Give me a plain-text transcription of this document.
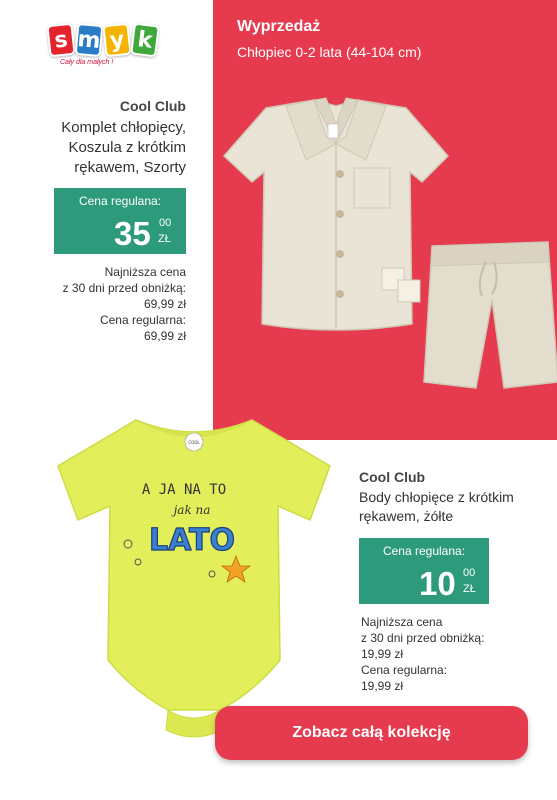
s m y k
Cały dla małych !
Wyprzedaż
Chłopiec 0-2 lata (44-104 cm)
Cool Club
Komplet chłopięcy, Koszula z krótkim rękawem, Szorty
Cena regulana:
35 00
ZŁ
Najniższa cena
z 30 dni przed obniżką:
69,99 zł
Cena regularna:
69,99 zł
COOL
A JA NA TO
jak na
LATO
Cool Club
Body chłopięce z krótkim rękawem, żółte
Cena regulana:
10 00
ZŁ
Najniższa cena
z 30 dni przed obniżką:
19,99 zł
Cena regularna:
19,99 zł
Zobacz całą kolekcję
